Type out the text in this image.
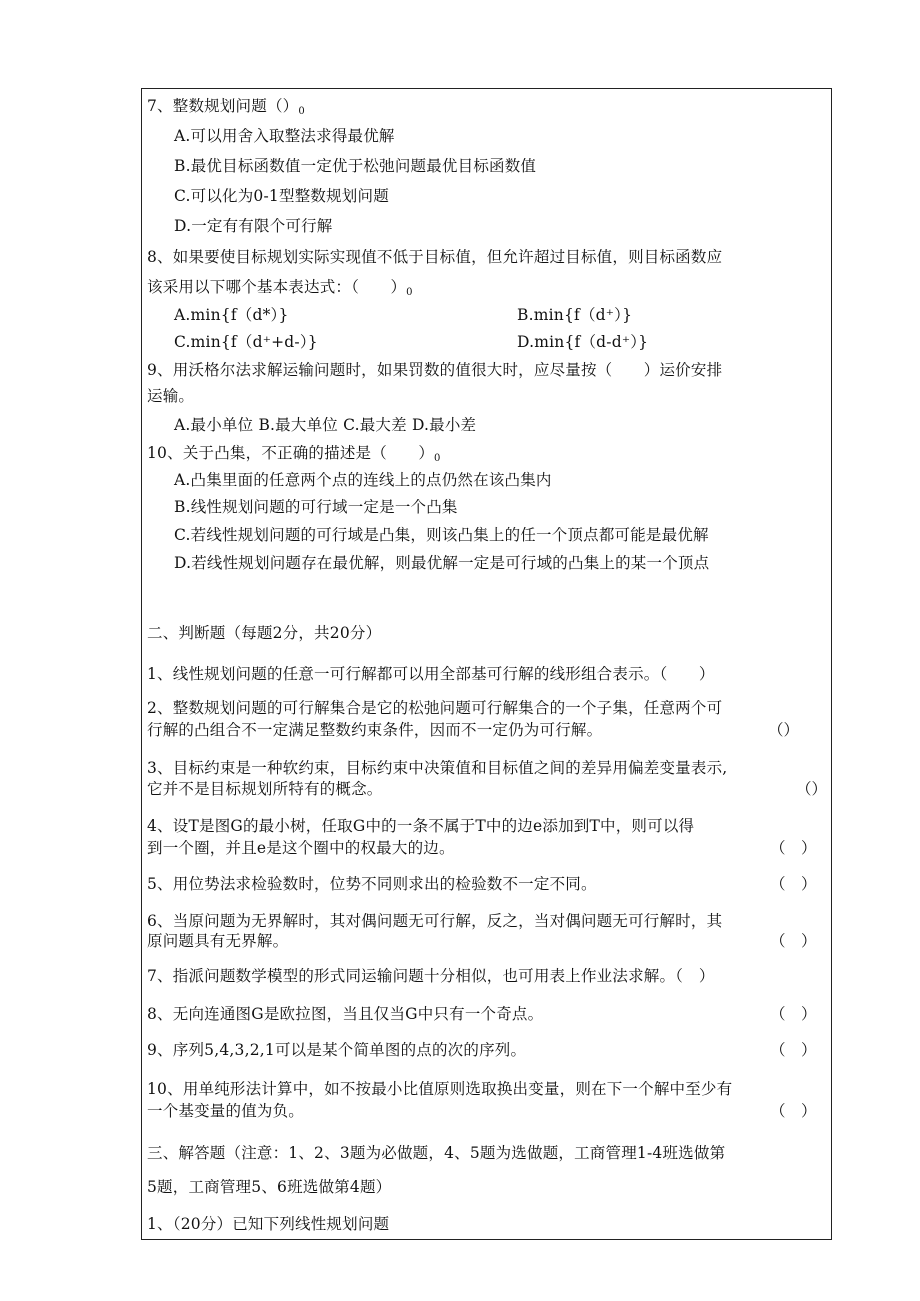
7、整数规划问题$()_0$
A.可以用舍入取整法求得最优解
B.最优目标函数值一定优于松弛问题最优目标函数值
C.可以化为0-1型整数规划问题
D.一定有有限个可行解
8、如果要使目标规划实际实现值不低于目标值，但允许超过目标值，则目标函数应
该采用以下哪个基本表达式：（　　）$_0$
A.min{f（d*）}	B.min{f（d⁺）}
C.min{f（d⁺+d-）}	D.min{f（d-d⁺）}
9、用沃格尔法求解运输问题时，如果罚数的值很大时，应尽量按（　　）运价安排
运输。
A.最小单位 B.最大单位 C.最大差 D.最小差
10、关于凸集，不正确的描述是（　　）$_0$
A.凸集里面的任意两个点的连线上的点仍然在该凸集内
B.线性规划问题的可行域一定是一个凸集
C.若线性规划问题的可行域是凸集，则该凸集上的任一个顶点都可能是最优解
D.若线性规划问题存在最优解，则最优解一定是可行域的凸集上的某一个顶点
二、判断题（每题2分，共20分）
1、线性规划问题的任意一可行解都可以用全部基可行解的线形组合表示。（　　）
2、整数规划问题的可行解集合是它的松弛问题可行解集合的一个子集，任意两个可
行解的凸组合不一定满足整数约束条件，因而不一定仍为可行解。	（）
3、目标约束是一种软约束，目标约束中决策值和目标值之间的差异用偏差变量表示,
它并不是目标规划所特有的概念。	（）
4、设T是图G的最小树，任取G中的一条不属于T中的边e添加到T中，则可以得
到一个圈，并且e是这个圈中的权最大的边。	（　）
5、用位势法求检验数时，位势不同则求出的检验数不一定不同。	（　）
6、当原问题为无界解时，其对偶问题无可行解，反之，当对偶问题无可行解时，其
原问题具有无界解。	（　）
7、指派问题数学模型的形式同运输问题十分相似，也可用表上作业法求解。（　）
8、无向连通图G是欧拉图，当且仅当G中只有一个奇点。	（　）
9、序列5,4,3,2,1可以是某个简单图的点的次的序列。	（　）
10、用单纯形法计算中，如不按最小比值原则选取换出变量，则在下一个解中至少有
一个基变量的值为负。	（　）
三、解答题（注意：1、2、3题为必做题，4、5题为选做题，工商管理1-4班选做第
5题，工商管理5、6班选做第4题）
1、（20分）已知下列线性规划问题
